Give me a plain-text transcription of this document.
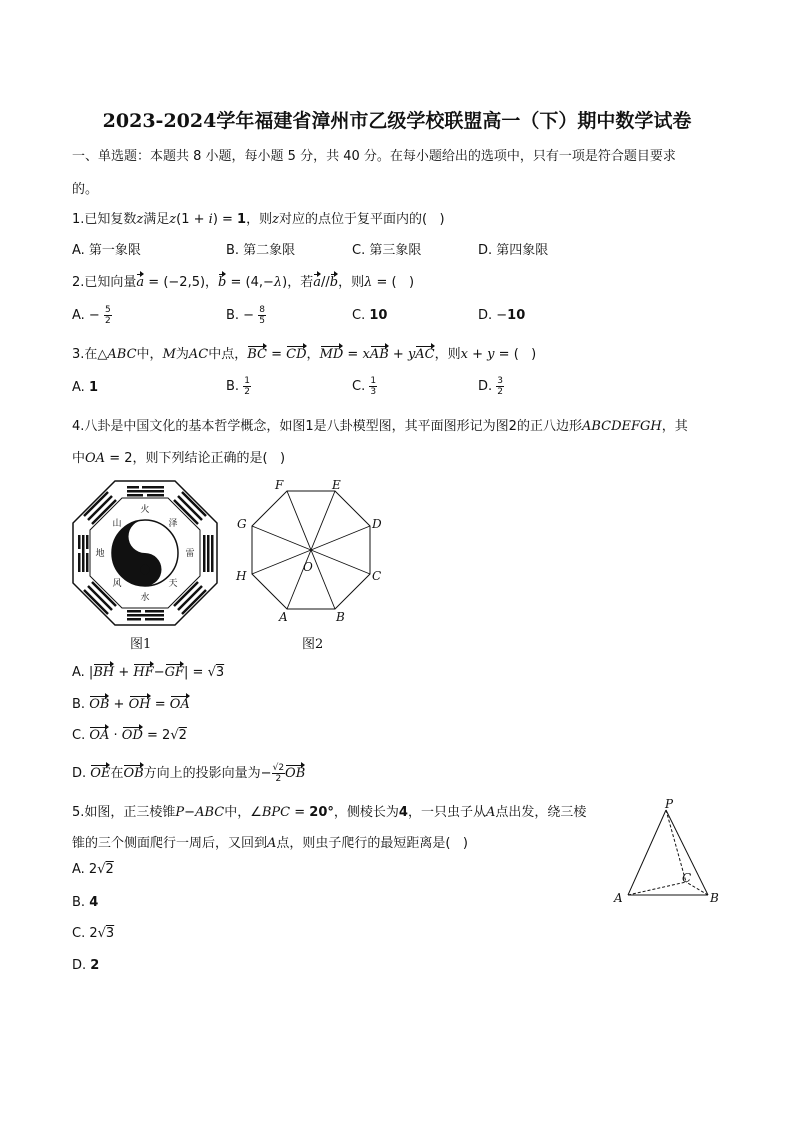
2023-2024学年福建省漳州市乙级学校联盟高一（下）期中数学试卷
一、单选题：本题共 8 小题，每小题 5 分，共 40 分。在每小题给出的选项中，只有一项是符合题目要求
的。
1.已知复数z满足z(1 + i) = 1，则z对应的点位于复平面内的(   )
A. 第一象限	B. 第二象限	C. 第三象限	D. 第四象限
2.已知向量a = (−2,5)，b = (4,−λ)，若a//b，则λ = (   )
A. − $\frac{5}{2}$	B. − $\frac{8}{5}$	C. 10	D. −10
3.在△ABC中，M为AC中点，BC = CD，MD = xAB + yAC，则x + y = (   )
A. 1	B. $\frac{1}{2}$	C. $\frac{1}{3}$	D. $\frac{3}{2}$
4.八卦是中国文化的基本哲学概念，如图1是八卦模型图，其平面图形记为图2的正八边形ABCDEFGH，其
中OA = 2，则下列结论正确的是(   )
火
山	泽
天
水
风
雷
地
图1
A	B
C
D
E
F
G
H
O
图2
A. |BH + HF−GF| = √3
B. OB + OH = OA
C. OA · OD = 2√2
D. OE在OB方向上的投影向量为− $\frac{√2}{2}$ OB
5.如图，正三棱锥P−ABC中，∠BPC = 20°，侧棱长为4，一只虫子从A点出发，绕三棱
锥的三个侧面爬行一周后，又回到A点，则虫子爬行的最短距离是(   )
P
A	B
C
A. 2√2
B. 4
C. 2√3
D. 2
